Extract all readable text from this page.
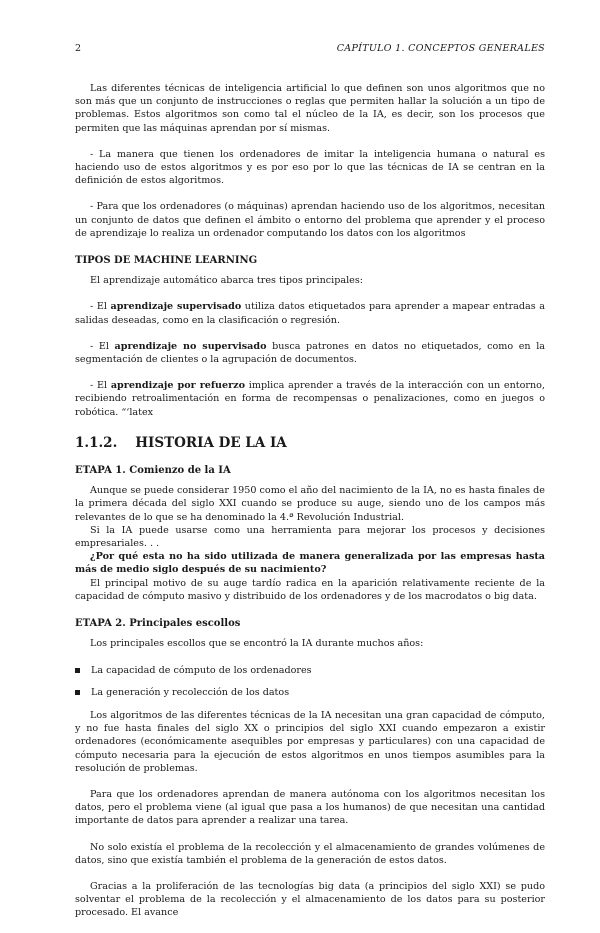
2	CAPÍTULO 1. CONCEPTOS GENERALES

Las diferentes técnicas de inteligencia artificial lo que definen son unos algoritmos que no son más que un conjunto de instrucciones o reglas que permiten hallar la solución a un tipo de problemas. Estos algoritmos son como tal el núcleo de la IA, es decir, son los procesos que permiten que las máquinas aprendan por sí mismas.

- La manera que tienen los ordenadores de imitar la inteligencia humana o natural es haciendo uso de estos algoritmos y es por eso por lo que las técnicas de IA se centran en la definición de estos algoritmos.

- Para que los ordenadores (o máquinas) aprendan haciendo uso de los algoritmos, necesitan un conjunto de datos que definen el ámbito o entorno del problema que aprender y el proceso de aprendizaje lo realiza un ordenador computando los datos con los algoritmos

TIPOS DE MACHINE LEARNING

El aprendizaje automático abarca tres tipos principales:

- El aprendizaje supervisado utiliza datos etiquetados para aprender a mapear entradas a salidas deseadas, como en la clasificación o regresión.

- El aprendizaje no supervisado busca patrones en datos no etiquetados, como en la segmentación de clientes o la agrupación de documentos.

- El aprendizaje por refuerzo implica aprender a través de la interacción con un entorno, recibiendo retroalimentación en forma de recompensas o penalizaciones, como en juegos o robótica. “‘latex

1.1.2. HISTORIA DE LA IA
ETAPA 1. Comienzo de la IA

Aunque se puede considerar 1950 como el año del nacimiento de la IA, no es hasta finales de la primera década del siglo XXI cuando se produce su auge, siendo uno de los campos más relevantes de lo que se ha denominado la 4.ª Revolución Industrial.

Si la IA puede usarse como una herramienta para mejorar los procesos y decisiones empresariales. . .

¿Por qué esta no ha sido utilizada de manera generalizada por las empresas hasta más de medio siglo después de su nacimiento?

El principal motivo de su auge tardío radica en la aparición relativamente reciente de la capacidad de cómputo masivo y distribuido de los ordenadores y de los macrodatos o big data.

ETAPA 2. Principales escollos

Los principales escollos que se encontró la IA durante muchos años:

La capacidad de cómputo de los ordenadores
La generación y recolección de los datos

Los algoritmos de las diferentes técnicas de la IA necesitan una gran capacidad de cómputo, y no fue hasta finales del siglo XX o principios del siglo XXI cuando empezaron a existir ordenadores (económicamente asequibles por empresas y particulares) con una capacidad de cómputo necesaria para la ejecución de estos algoritmos en unos tiempos asumibles para la resolución de problemas.

Para que los ordenadores aprendan de manera autónoma con los algoritmos necesitan los datos, pero el problema viene (al igual que pasa a los humanos) de que necesitan una cantidad importante de datos para aprender a realizar una tarea.

No solo existía el problema de la recolección y el almacenamiento de grandes volúmenes de datos, sino que existía también el problema de la generación de estos datos.

Gracias a la proliferación de las tecnologías big data (a principios del siglo XXI) se pudo solventar el problema de la recolección y el almacenamiento de los datos para su posterior procesado. El avance
